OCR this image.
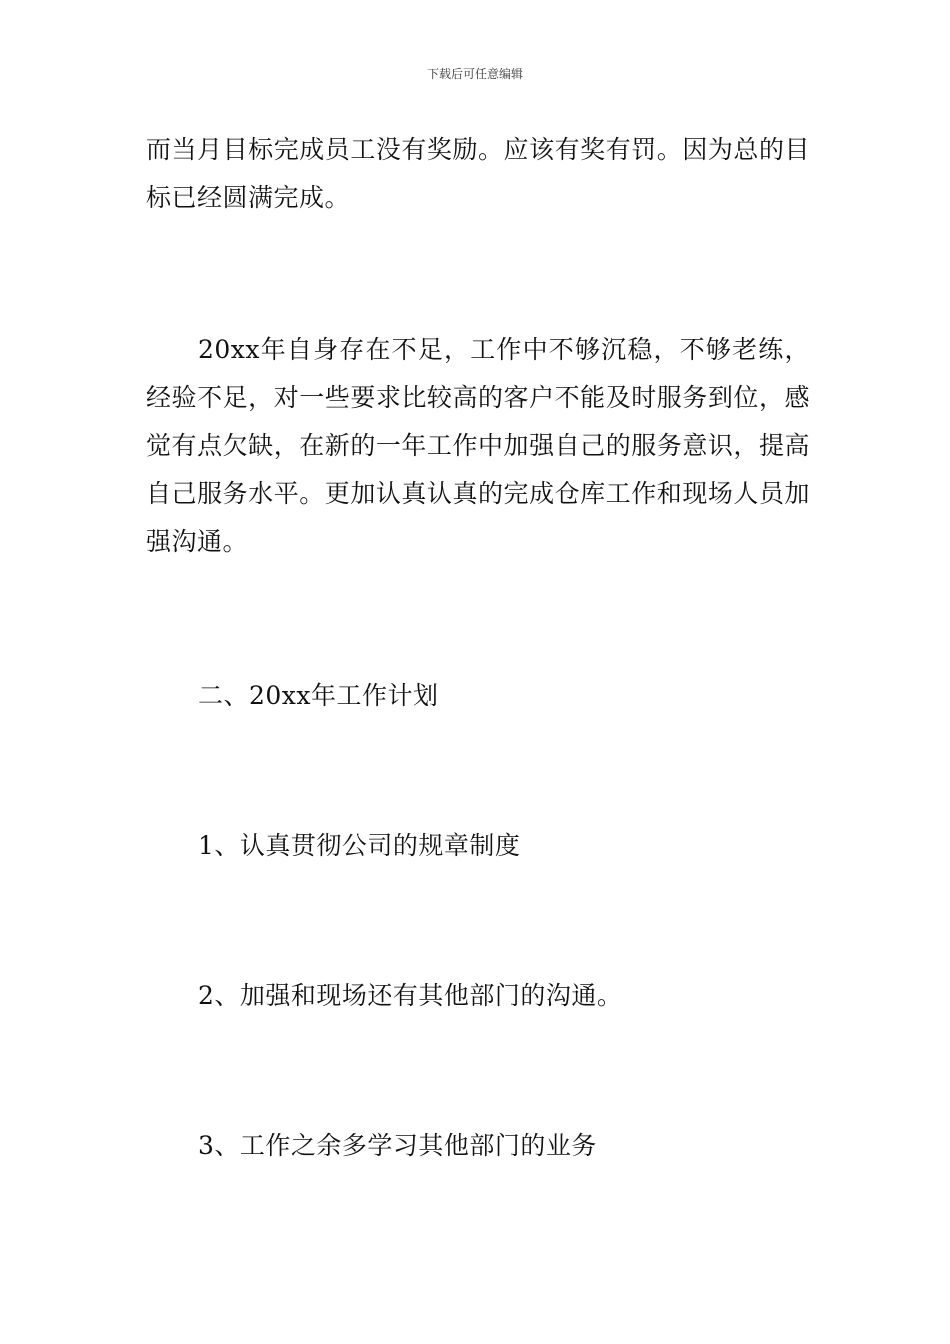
下载后可任意编辑

而当月目标完成员工没有奖励。应该有奖有罚。因为总的目标已经圆满完成。

20xx年自身存在不足，工作中不够沉稳，不够老练，经验不足，对一些要求比较高的客户不能及时服务到位，感觉有点欠缺，在新的一年工作中加强自己的服务意识，提高自己服务水平。更加认真认真的完成仓库工作和现场人员加强沟通。

二、20xx年工作计划

1、认真贯彻公司的规章制度

2、加强和现场还有其他部门的沟通。

3、工作之余多学习其他部门的业务
